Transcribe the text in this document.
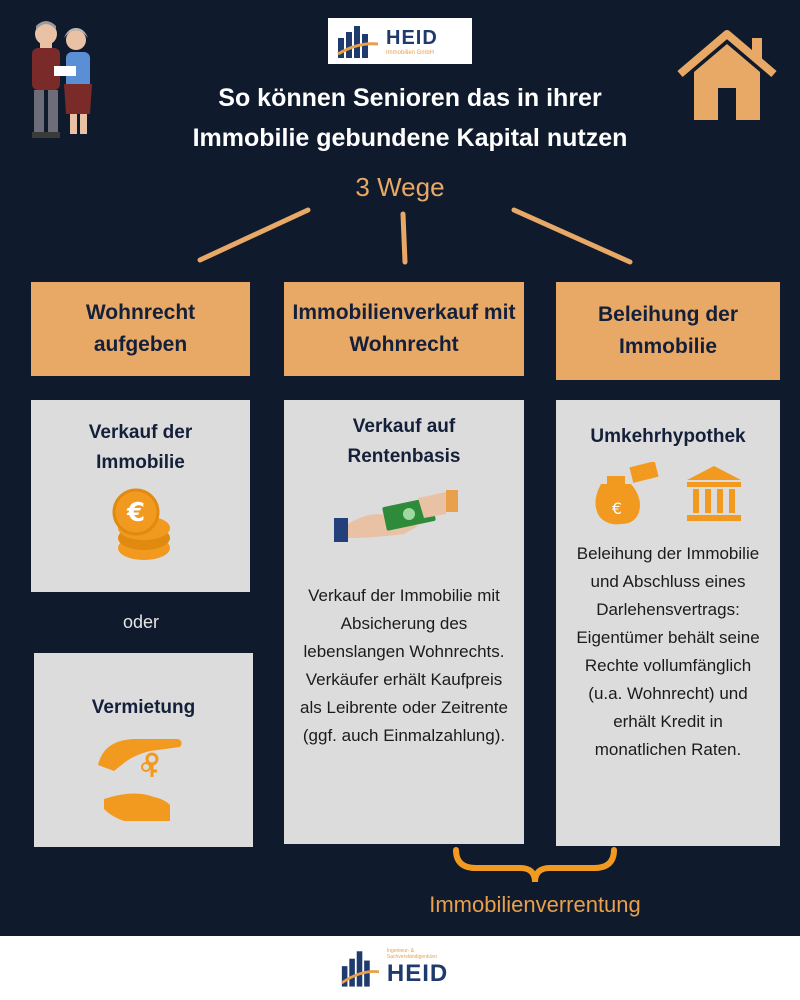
HEID
Immobilien GmbH
So können Senioren das in ihrer
Immobilie gebundene Kapital nutzen
3 Wege
Wohnrecht aufgeben
Immobilienverkauf mit Wohnrecht
Beleihung der Immobilie
Verkauf der Immobilie
€
oder
Vermietung
Verkauf auf Rentenbasis
Verkauf der Immobilie mit Absicherung des lebenslangen Wohnrechts. Verkäufer erhält Kaufpreis als Leibrente oder Zeitrente (ggf. auch Einmalzahlung).
Umkehrhypothek
€
Beleihung der Immobilie und Abschluss eines Darlehensvertrags: Eigentümer behält seine Rechte vollumfänglich (u.a. Wohnrecht) und erhält Kredit in monatlichen Raten.
Immobilienverrentung
Ingenieur- & Sachverständigenbüro
HEID
